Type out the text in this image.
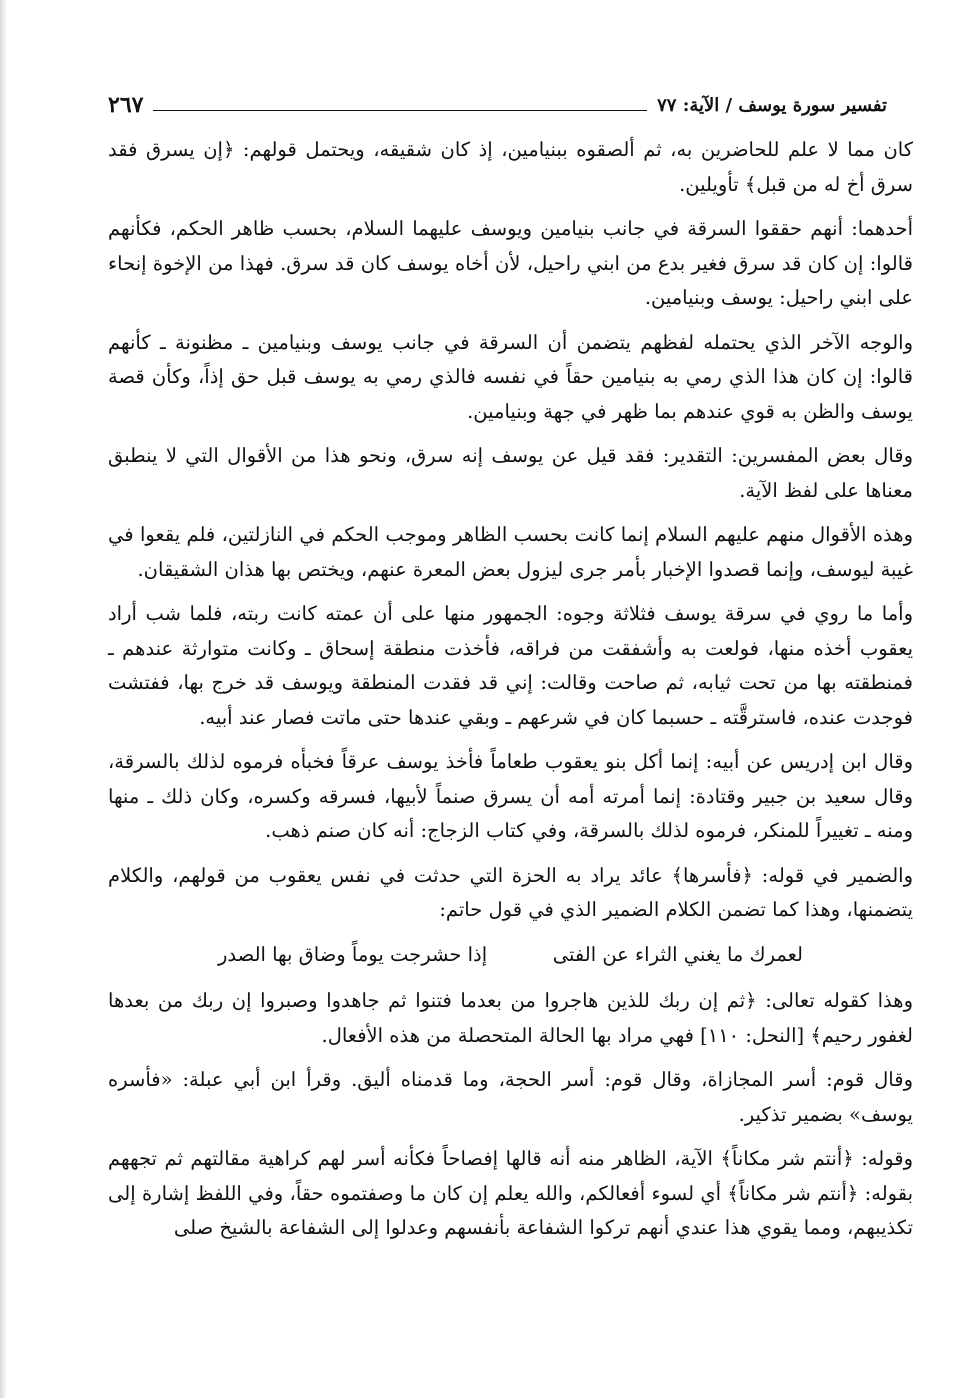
تفسير سورة يوسف / الآية: ٧٧
٢٦٧

كان مما لا علم للحاضرين به، ثم ألصقوه ببنيامين، إذ كان شقيقه، ويحتمل قولهم: ﴿إن يسرق فقد سرق أخ له من قبل﴾ تأويلين.

أحدهما: أنهم حققوا السرقة في جانب بنيامين ويوسف عليهما السلام، بحسب ظاهر الحكم، فكأنهم قالوا: إن كان قد سرق فغير بدع من ابني راحيل، لأن أخاه يوسف كان قد سرق. فهذا من الإخوة إنحاء على ابني راحيل: يوسف وبنيامين.

والوجه الآخر الذي يحتمله لفظهم يتضمن أن السرقة في جانب يوسف وبنيامين ـ مظنونة ـ كأنهم قالوا: إن كان هذا الذي رمي به بنيامين حقاً في نفسه فالذي رمي به يوسف قبل حق إذاً، وكأن قصة يوسف والظن به قوي عندهم بما ظهر في جهة وبنيامين.

وقال بعض المفسرين: التقدير: فقد قيل عن يوسف إنه سرق، ونحو هذا من الأقوال التي لا ينطبق معناها على لفظ الآية.

وهذه الأقوال منهم عليهم السلام إنما كانت بحسب الظاهر وموجب الحكم في النازلتين، فلم يقعوا في غيبة ليوسف، وإنما قصدوا الإخبار بأمر جرى ليزول بعض المعرة عنهم، ويختص بها هذان الشقيقان.

وأما ما روي في سرقة يوسف فثلاثة وجوه: الجمهور منها على أن عمته كانت ربته، فلما شب أراد يعقوب أخذه منها، فولعت به وأشفقت من فراقه، فأخذت منطقة إسحاق ـ وكانت متوارثة عندهم ـ فمنطقته بها من تحت ثيابه، ثم صاحت وقالت: إني قد فقدت المنطقة ويوسف قد خرج بها، ففتشت فوجدت عنده، فاسترقَّته ـ حسبما كان في شرعهم ـ وبقي عندها حتى ماتت فصار عند أبيه.

وقال ابن إدريس عن أبيه: إنما أكل بنو يعقوب طعاماً فأخذ يوسف عرقاً فخبأه فرموه لذلك بالسرقة، وقال سعيد بن جبير وقتادة: إنما أمرته أمه أن يسرق صنماً لأبيها، فسرقه وكسره، وكان ذلك ـ منها ومنه ـ تغييراً للمنكر، فرموه لذلك بالسرقة، وفي كتاب الزجاج: أنه كان صنم ذهب.

والضمير في قوله: ﴿فأسرها﴾ عائد يراد به الحزة التي حدثت في نفس يعقوب من قولهم، والكلام يتضمنها، وهذا كما تضمن الكلام الضمير الذي في قول حاتم:

لعمرك ما يغني الثراء عن الفتى
إذا حشرجت يوماً وضاق بها الصدر

وهذا كقوله تعالى: ﴿ثم إن ربك للذين هاجروا من بعدما فتنوا ثم جاهدوا وصبروا إن ربك من بعدها لغفور رحيم﴾ [النحل: ١١٠] فهي مراد بها الحالة المتحصلة من هذه الأفعال.

وقال قوم: أسر المجازاة، وقال قوم: أسر الحجة، وما قدمناه أليق. وقرأ ابن أبي عبلة: «فأسره يوسف» بضمير تذكير.

وقوله: ﴿أنتم شر مكاناً﴾ الآية، الظاهر منه أنه قالها إفصاحاً فكأنه أسر لهم كراهية مقالتهم ثم تجههم بقوله: ﴿أنتم شر مكاناً﴾ أي لسوء أفعالكم، والله يعلم إن كان ما وصفتموه حقاً، وفي اللفظ إشارة إلى تكذيبهم، ومما يقوي هذا عندي أنهم تركوا الشفاعة بأنفسهم وعدلوا إلى الشفاعة بالشيخ صلى
